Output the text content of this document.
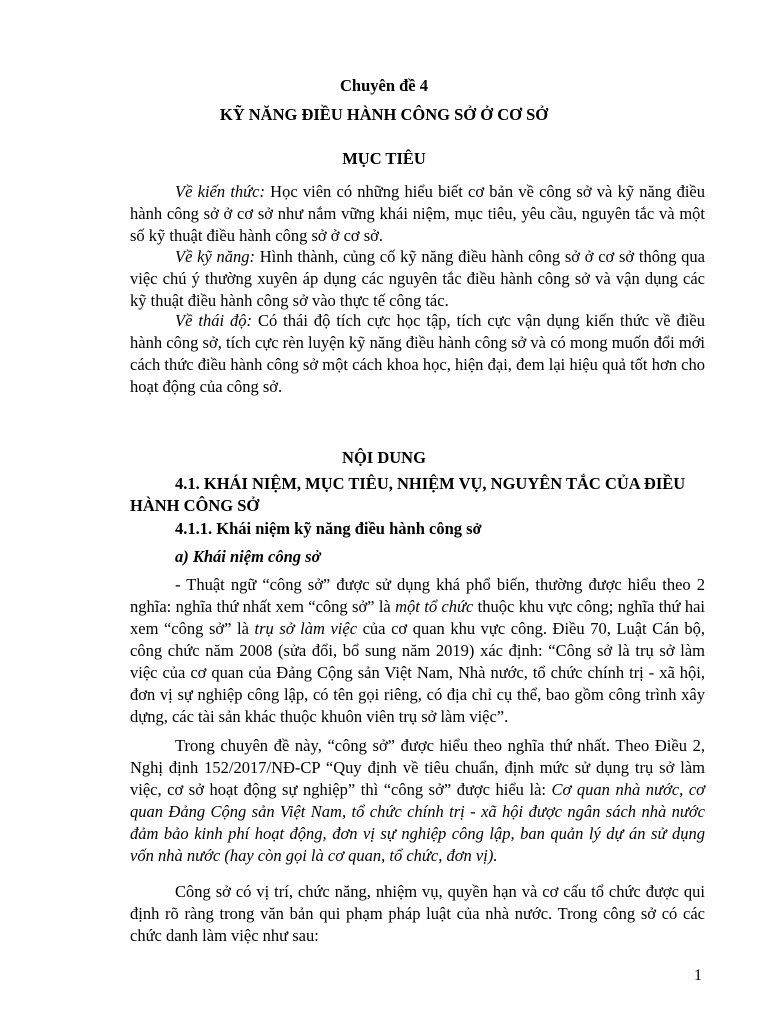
Chuyên đề 4
KỸ NĂNG ĐIỀU HÀNH CÔNG SỞ Ở CƠ SỞ
MỤC TIÊU
Về kiến thức: Học viên có những hiểu biết cơ bản về công sở và kỹ năng điều hành công sở ở cơ sở như nắm vững khái niệm, mục tiêu, yêu cầu, nguyên tắc và một số kỹ thuật điều hành công sở ở cơ sở.
Về kỹ năng: Hình thành, củng cố kỹ năng điều hành công sở ở cơ sở thông qua việc chú ý thường xuyên áp dụng các nguyên tắc điều hành công sở và vận dụng các kỹ thuật điều hành công sở vào thực tế công tác.
Về thái độ: Có thái độ tích cực học tập, tích cực vận dụng kiến thức về điều hành công sở, tích cực rèn luyện kỹ năng điều hành công sở và có mong muốn đổi mới cách thức điều hành công sở một cách khoa học, hiện đại, đem lại hiệu quả tốt hơn cho hoạt động của công sở.
NỘI DUNG
4.1. KHÁI NIỆM, MỤC TIÊU, NHIỆM VỤ, NGUYÊN TẮC CỦA ĐIỀU HÀNH CÔNG SỞ
4.1.1. Khái niệm kỹ năng điều hành công sở
a) Khái niệm công sở
- Thuật ngữ “công sở” được sử dụng khá phổ biến, thường được hiểu theo 2 nghĩa: nghĩa thứ nhất xem “công sở” là một tổ chức thuộc khu vực công; nghĩa thứ hai xem “công sở” là trụ sở làm việc của cơ quan khu vực công. Điều 70, Luật Cán bộ, công chức năm 2008 (sửa đổi, bổ sung năm 2019) xác định: “Công sở là trụ sở làm việc của cơ quan của Đảng Cộng sản Việt Nam, Nhà nước, tổ chức chính trị - xã hội, đơn vị sự nghiệp công lập, có tên gọi riêng, có địa chỉ cụ thể, bao gồm công trình xây dựng, các tài sản khác thuộc khuôn viên trụ sở làm việc”.
Trong chuyên đề này, “công sở” được hiểu theo nghĩa thứ nhất. Theo Điều 2, Nghị định 152/2017/NĐ-CP “Quy định về tiêu chuẩn, định mức sử dụng trụ sở làm việc, cơ sở hoạt động sự nghiệp” thì “công sở” được hiểu là: Cơ quan nhà nước, cơ quan Đảng Cộng sản Việt Nam, tổ chức chính trị - xã hội được ngân sách nhà nước đảm bảo kinh phí hoạt động, đơn vị sự nghiệp công lập, ban quản lý dự án sử dụng vốn nhà nước (hay còn gọi là cơ quan, tổ chức, đơn vị).
Công sở có vị trí, chức năng, nhiệm vụ, quyền hạn và cơ cấu tổ chức được qui định rõ ràng trong văn bản qui phạm pháp luật của nhà nước. Trong công sở có các chức danh làm việc như sau:
1
